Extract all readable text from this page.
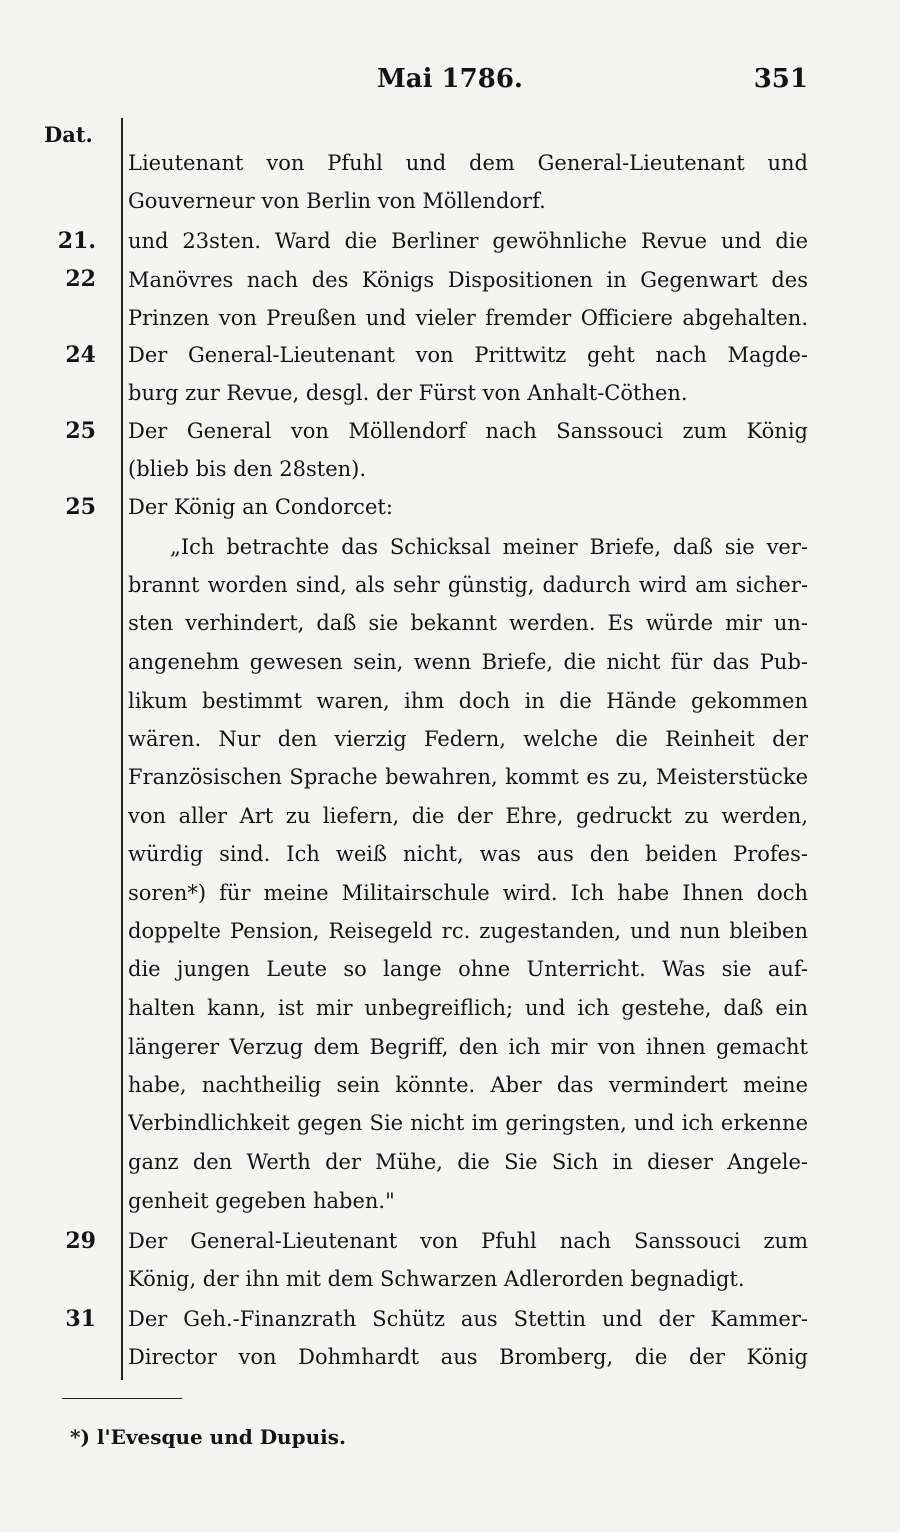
Mai 1786.	351
Dat.
21. 22
24
25
25
29
31
Lieutenant von Pfuhl und dem General-Lieutenant und
Gouverneur von Berlin von Möllendorf.
und 23sten. Ward die Berliner gewöhnliche Revue und die
Manövres nach des Königs Dispositionen in Gegenwart des
Prinzen von Preußen und vieler fremder Officiere abgehalten.
Der General-Lieutenant von Prittwitz geht nach Magde-
burg zur Revue, desgl. der Fürst von Anhalt-Cöthen.
Der General von Möllendorf nach Sanssouci zum König
(blieb bis den 28sten).
Der König an Condorcet:
„Ich betrachte das Schicksal meiner Briefe, daß sie ver-
brannt worden sind, als sehr günstig, dadurch wird am sicher-
sten verhindert, daß sie bekannt werden. Es würde mir un-
angenehm gewesen sein, wenn Briefe, die nicht für das Pub-
likum bestimmt waren, ihm doch in die Hände gekommen
wären. Nur den vierzig Federn, welche die Reinheit der
Französischen Sprache bewahren, kommt es zu, Meisterstücke
von aller Art zu liefern, die der Ehre, gedruckt zu werden,
würdig sind. Ich weiß nicht, was aus den beiden Profes-
soren*) für meine Militairschule wird. Ich habe Ihnen doch
doppelte Pension, Reisegeld rc. zugestanden, und nun bleiben
die jungen Leute so lange ohne Unterricht. Was sie auf-
halten kann, ist mir unbegreiflich; und ich gestehe, daß ein
längerer Verzug dem Begriff, den ich mir von ihnen gemacht
habe, nachtheilig sein könnte. Aber das vermindert meine
Verbindlichkeit gegen Sie nicht im geringsten, und ich erkenne
ganz den Werth der Mühe, die Sie Sich in dieser Angele-
genheit gegeben haben."
Der General-Lieutenant von Pfuhl nach Sanssouci zum
König, der ihn mit dem Schwarzen Adlerorden begnadigt.
Der Geh.-Finanzrath Schütz aus Stettin und der Kammer-
Director von Dohmhardt aus Bromberg, die der König
*) l'Evesque und Dupuis.
